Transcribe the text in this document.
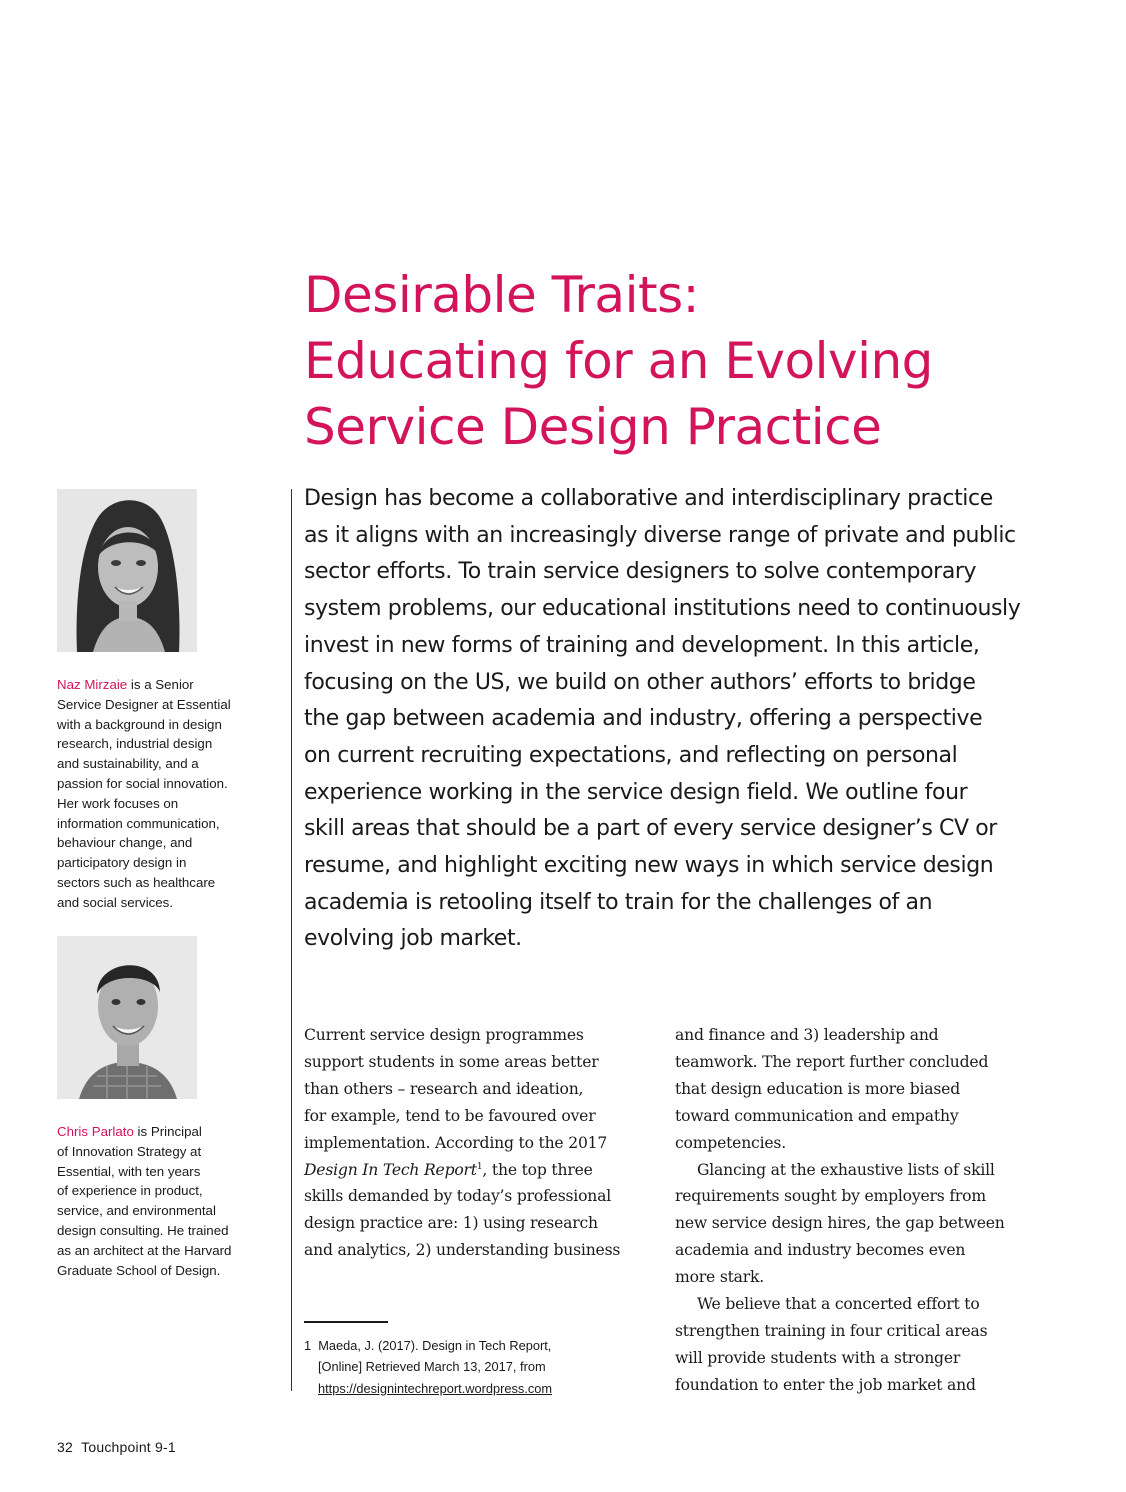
Desirable Traits:
Educating for an Evolving
Service Design Practice

Design has become a collaborative and interdisciplinary practice
as it aligns with an increasingly diverse range of private and public
sector efforts. To train service designers to solve contemporary
system problems, our educational institutions need to continuously
invest in new forms of training and development. In this article,
focusing on the US, we build on other authors’ efforts to bridge
the gap between academia and industry, offering a perspective
on current recruiting expectations, and reflecting on personal
experience working in the service design field. We outline four
skill areas that should be a part of every service designer’s CV or
resume, and highlight exciting new ways in which service design
academia is retooling itself to train for the challenges of an
evolving job market.

Naz Mirzaie is a Senior
Service Designer at Essential
with a background in design
research, industrial design
and sustainability, and a
passion for social innovation.
Her work focuses on
information communication,
behaviour change, and
participatory design in
sectors such as healthcare
and social services.
Chris Parlato is Principal
of Innovation Strategy at
Essential, with ten years
of experience in product,
service, and environmental
design consulting. He trained
as an architect at the Harvard
Graduate School of Design.
Current service design programmes
support students in some areas better
than others – research and ideation,
for example, tend to be favoured over
implementation. According to the 2017
Design In Tech Report$^1$, the top three
skills demanded by today’s professional
design practice are: 1) using research
and analytics, 2) understanding business
and finance and 3) leadership and
teamwork. The report further concluded
that design education is more biased
toward communication and empathy
competencies.
Glancing at the exhaustive lists of skill
requirements sought by employers from
new service design hires, the gap between
academia and industry becomes even
more stark.
We believe that a concerted effort to
strengthen training in four critical areas
will provide students with a stronger
foundation to enter the job market and
1 Maeda, J. (2017). Design in Tech Report,
[Online] Retrieved March 13, 2017, from
https://designintechreport.wordpress.com
32 Touchpoint 9-1
